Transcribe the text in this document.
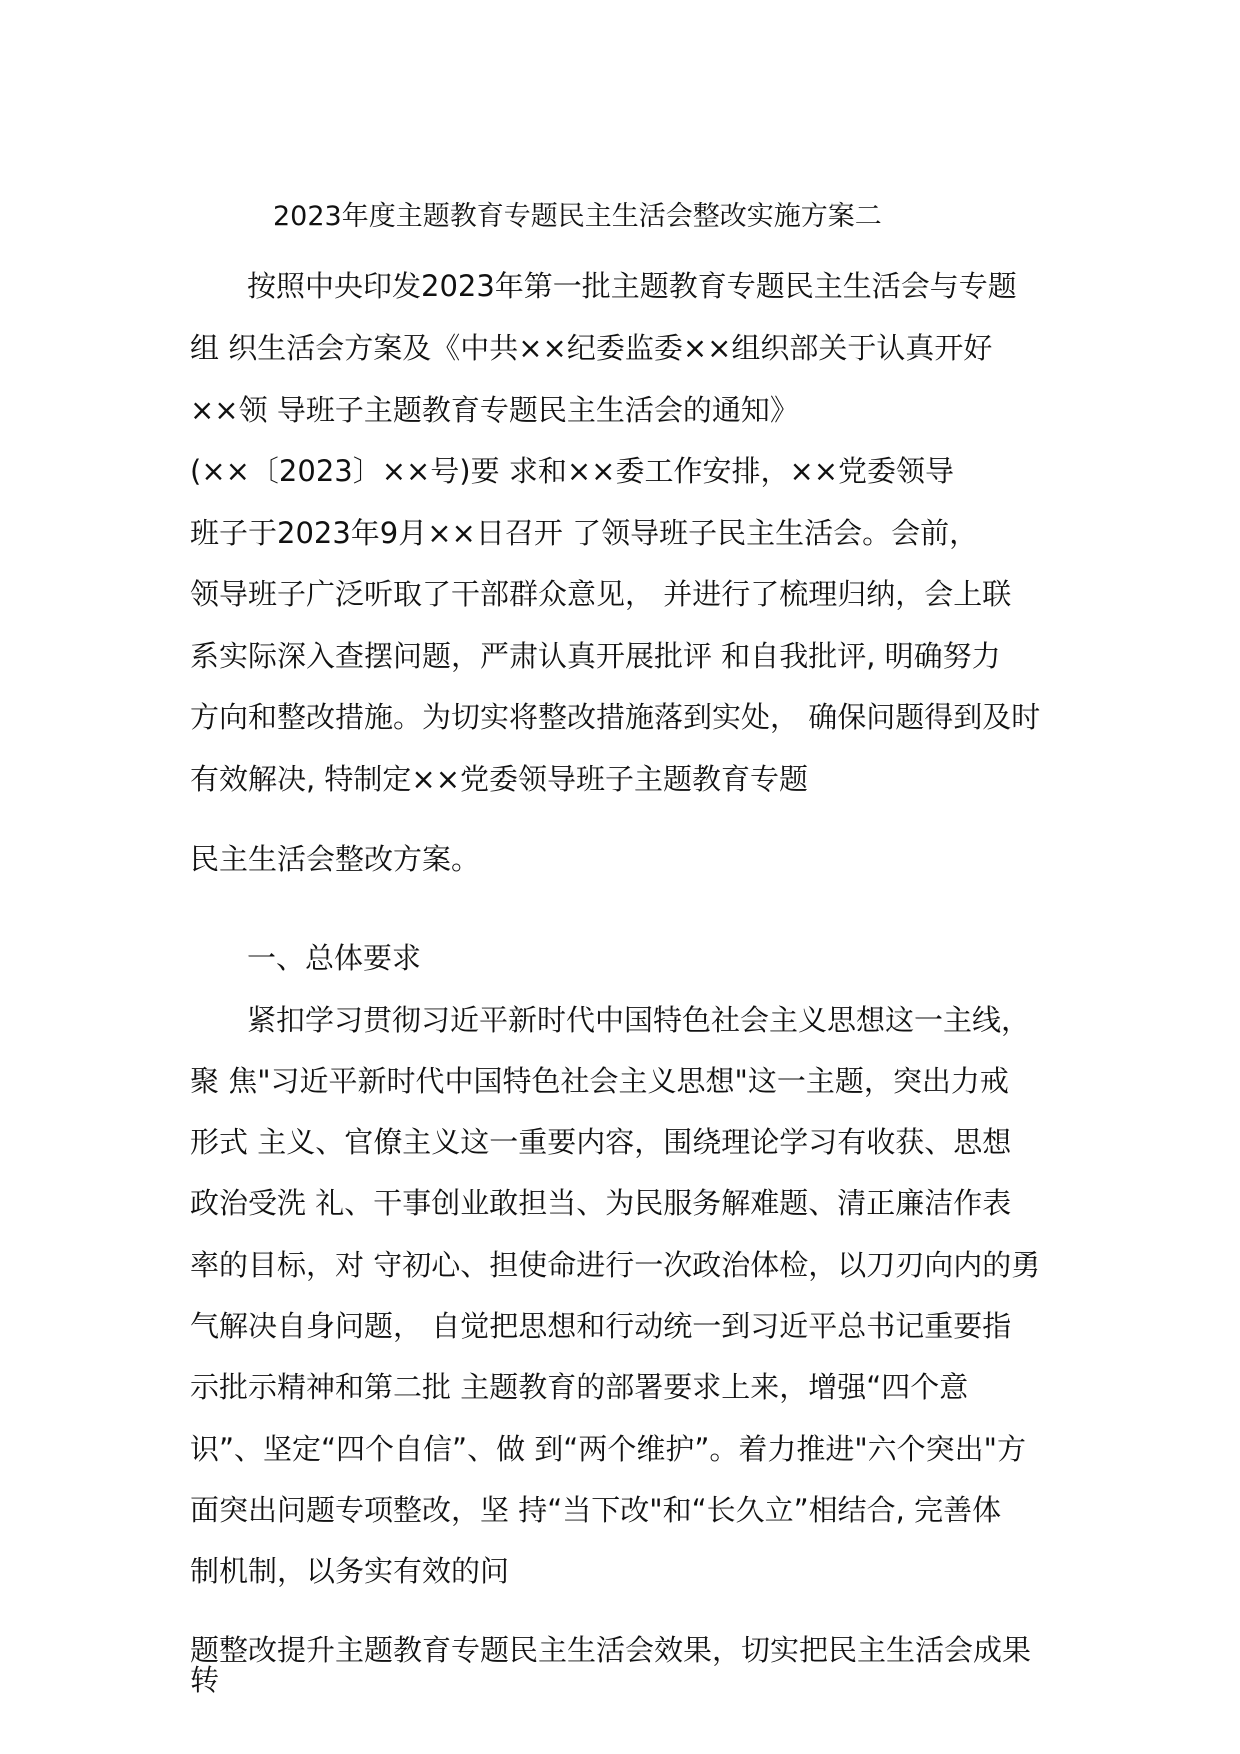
2023年度主题教育专题民主生活会整改实施方案二
按照中央印发2023年第一批主题教育专题民主生活会与专题
组 织生活会方案及《中共××纪委监委××组织部关于认真开好
××领 导班子主题教育专题民主生活会的通知》
(××〔2023〕××号)要 求和××委工作安排，××党委领导
班子于2023年9月××日召开 了领导班子民主生活会。会前，
领导班子广泛听取了干部群众意见， 并进行了梳理归纳，会上联
系实际深入查摆问题，严肃认真开展批评 和自我批评, 明确努力
方向和整改措施。为切实将整改措施落到实处， 确保问题得到及时
有效解决, 特制定××党委领导班子主题教育专题
民主生活会整改方案。
一、总体要求
紧扣学习贯彻习近平新时代中国特色社会主义思想这一主线，
聚 焦"习近平新时代中国特色社会主义思想"这一主题，突出力戒
形式 主义、官僚主义这一重要内容，围绕理论学习有收获、思想
政治受洗 礼、干事创业敢担当、为民服务解难题、清正廉洁作表
率的目标，对 守初心、担使命进行一次政治体检，以刀刃向内的勇
气解决自身问题， 自觉把思想和行动统一到习近平总书记重要指
示批示精神和第二批 主题教育的部署要求上来，增强“四个意
识”、坚定“四个自信”、做 到“两个维护”。着力推进"六个突出"方
面突出问题专项整改，坚 持“当下改"和“长久立”相结合, 完善体
制机制，以务实有效的问
题整改提升主题教育专题民主生活会效果，切实把民主生活会成果
转
